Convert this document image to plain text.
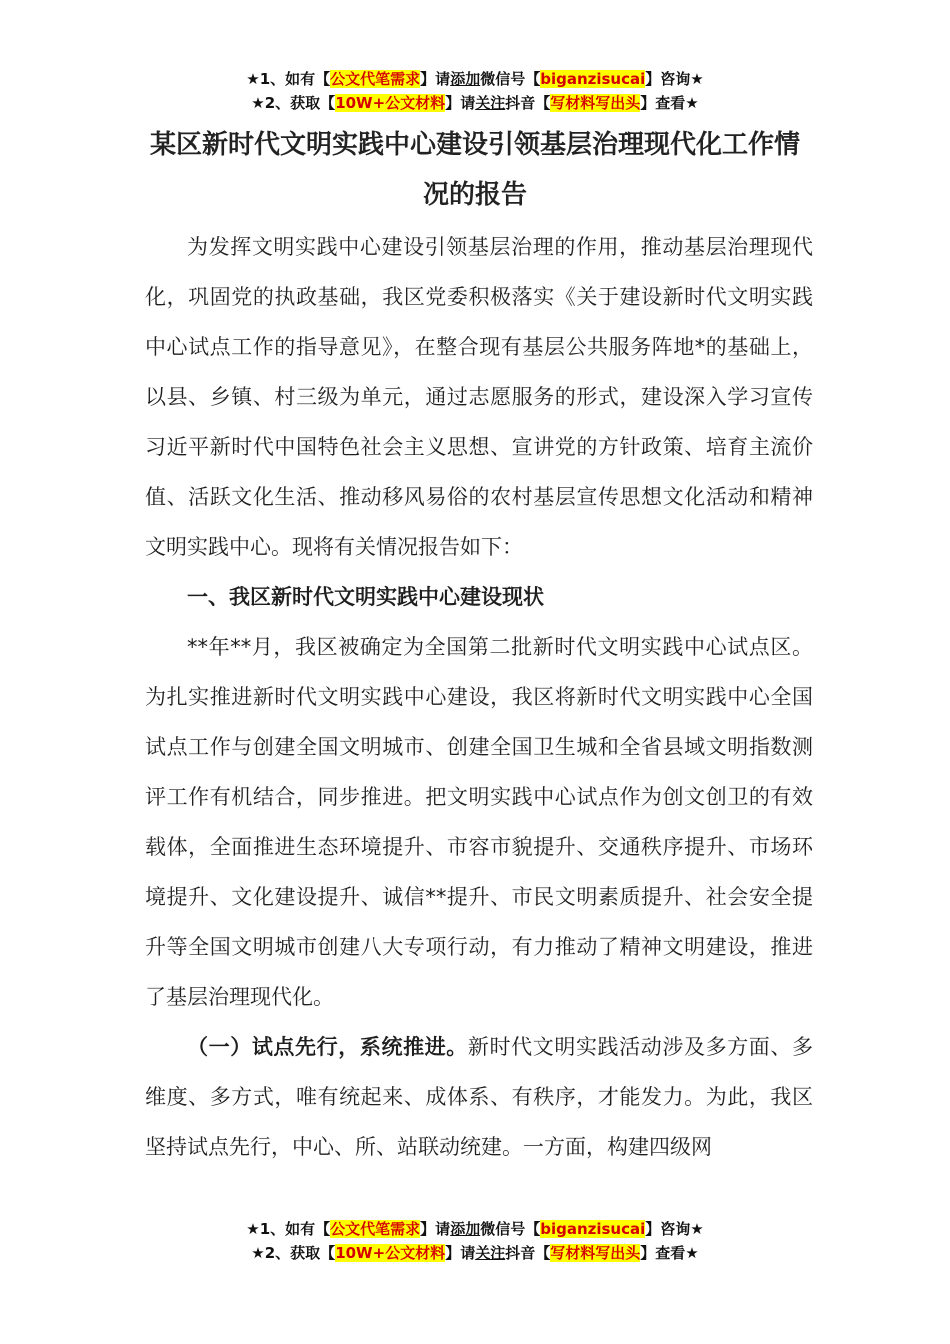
★1、如有【公文代笔需求】请添加微信号【biganzisucai】咨询★
★2、获取【10W+公文材料】请关注抖音【写材料写出头】查看★
某区新时代文明实践中心建设引领基层治理现代化工作情况的报告

为发挥文明实践中心建设引领基层治理的作用，推动基层治理现代化，巩固党的执政基础，我区党委积极落实《关于建设新时代文明实践中心试点工作的指导意见》，在整合现有基层公共服务阵地*的基础上，以县、乡镇、村三级为单元，通过志愿服务的形式，建设深入学习宣传习近平新时代中国特色社会主义思想、宣讲党的方针政策、培育主流价值、活跃文化生活、推动移风易俗的农村基层宣传思想文化活动和精神文明实践中心。现将有关情况报告如下：

一、我区新时代文明实践中心建设现状

**年**月，我区被确定为全国第二批新时代文明实践中心试点区。为扎实推进新时代文明实践中心建设，我区将新时代文明实践中心全国试点工作与创建全国文明城市、创建全国卫生城和全省县域文明指数测评工作有机结合，同步推进。把文明实践中心试点作为创文创卫的有效载体，全面推进生态环境提升、市容市貌提升、交通秩序提升、市场环境提升、文化建设提升、诚信**提升、市民文明素质提升、社会安全提升等全国文明城市创建八大专项行动，有力推动了精神文明建设，推进了基层治理现代化。

（一）试点先行，系统推进。新时代文明实践活动涉及多方面、多维度、多方式，唯有统起来、成体系、有秩序，才能发力。为此，我区坚持试点先行，中心、所、站联动统建。一方面，构建四级网

★1、如有【公文代笔需求】请添加微信号【biganzisucai】咨询★
★2、获取【10W+公文材料】请关注抖音【写材料写出头】查看★
